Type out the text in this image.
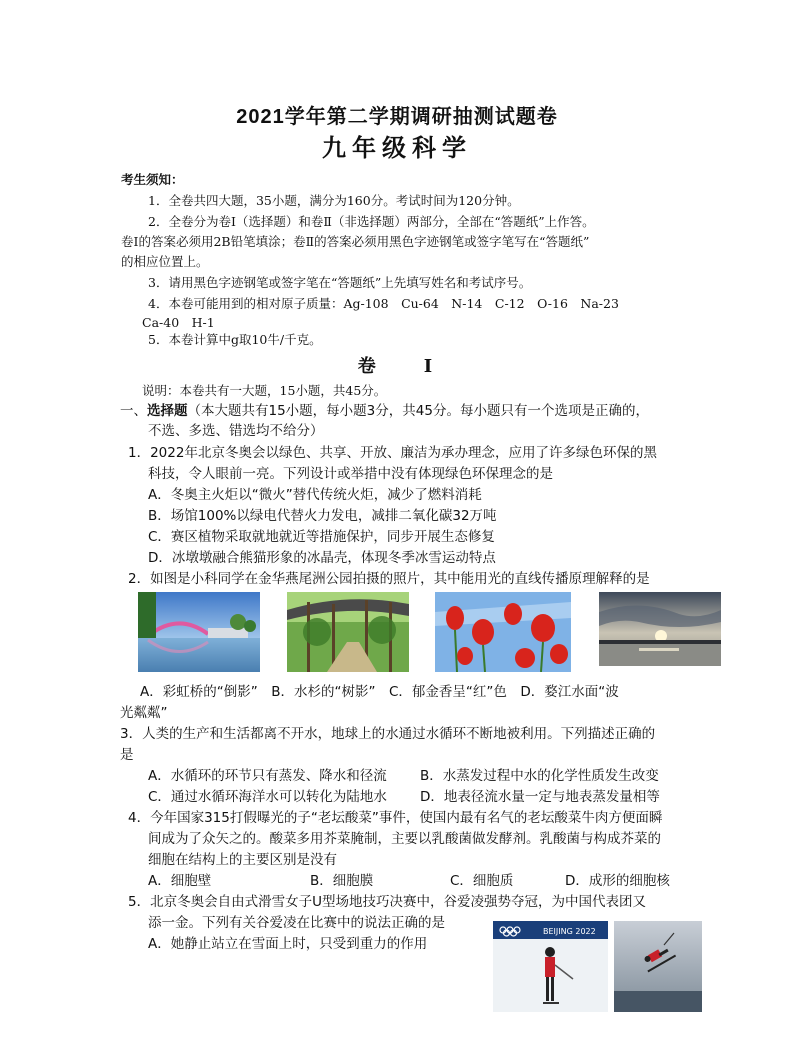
2021学年第二学期调研抽测试题卷
九年级科学
考生须知：
1．全卷共四大题，35小题，满分为160分。考试时间为120分钟。
2．全卷分为卷Ⅰ（选择题）和卷Ⅱ（非选择题）两部分，全部在“答题纸”上作答。
卷Ⅰ的答案必须用2B铅笔填涂；卷Ⅱ的答案必须用黑色字迹钢笔或签字笔写在“答题纸”
的相应位置上。
3．请用黑色字迹钢笔或签字笔在“答题纸”上先填写姓名和考试序号。
4．本卷可能用到的相对原子质量：Ag-108　Cu-64　N-14　C-12　O-16　Na-23
Ca-40　H-1
5．本卷计算中g取10牛/千克。
卷　　I
说明：本卷共有一大题，15小题，共45分。
一、选择题（本大题共有15小题，每小题3分，共45分。每小题只有一个选项是正确的，
不选、多选、错选均不给分）
1．2022年北京冬奥会以绿色、共享、开放、廉洁为承办理念，应用了许多绿色环保的黑
科技，令人眼前一亮。下列设计或举措中没有体现绿色环保理念的是
A．冬奥主火炬以“微火”替代传统火炬，减少了燃料消耗
B．场馆100%以绿电代替火力发电，减排二氧化碳32万吨
C．赛区植物采取就地就近等措施保护，同步开展生态修复
D．冰墩墩融合熊猫形象的冰晶壳，体现冬季冰雪运动特点
2．如图是小科同学在金华燕尾洲公园拍摄的照片，其中能用光的直线传播原理解释的是
A．彩虹桥的“倒影”　B．水杉的“树影”　C．郁金香呈“红”色　D．婺江水面“波
光粼粼”
3．人类的生产和生活都离不开水，地球上的水通过水循环不断地被利用。下列描述正确的
是
A．水循环的环节只有蒸发、降水和径流 B．水蒸发过程中水的化学性质发生改变
C．通过水循环海洋水可以转化为陆地水 D．地表径流水量一定与地表蒸发量相等
4．今年国家315打假曝光的子“老坛酸菜”事件，使国内最有名气的老坛酸菜牛肉方便面瞬
间成为了众矢之的。酸菜多用芥菜腌制，主要以乳酸菌做发酵剂。乳酸菌与构成芥菜的
细胞在结构上的主要区别是没有
A．细胞壁	B．细胞膜	C．细胞质	D．成形的细胞核
5．北京冬奥会自由式滑雪女子U型场地技巧决赛中，谷爱凌强势夺冠，为中国代表团又
添一金。下列有关谷爱凌在比赛中的说法正确的是
A．她静止站立在雪面上时，只受到重力的作用
BEIJING 2022
